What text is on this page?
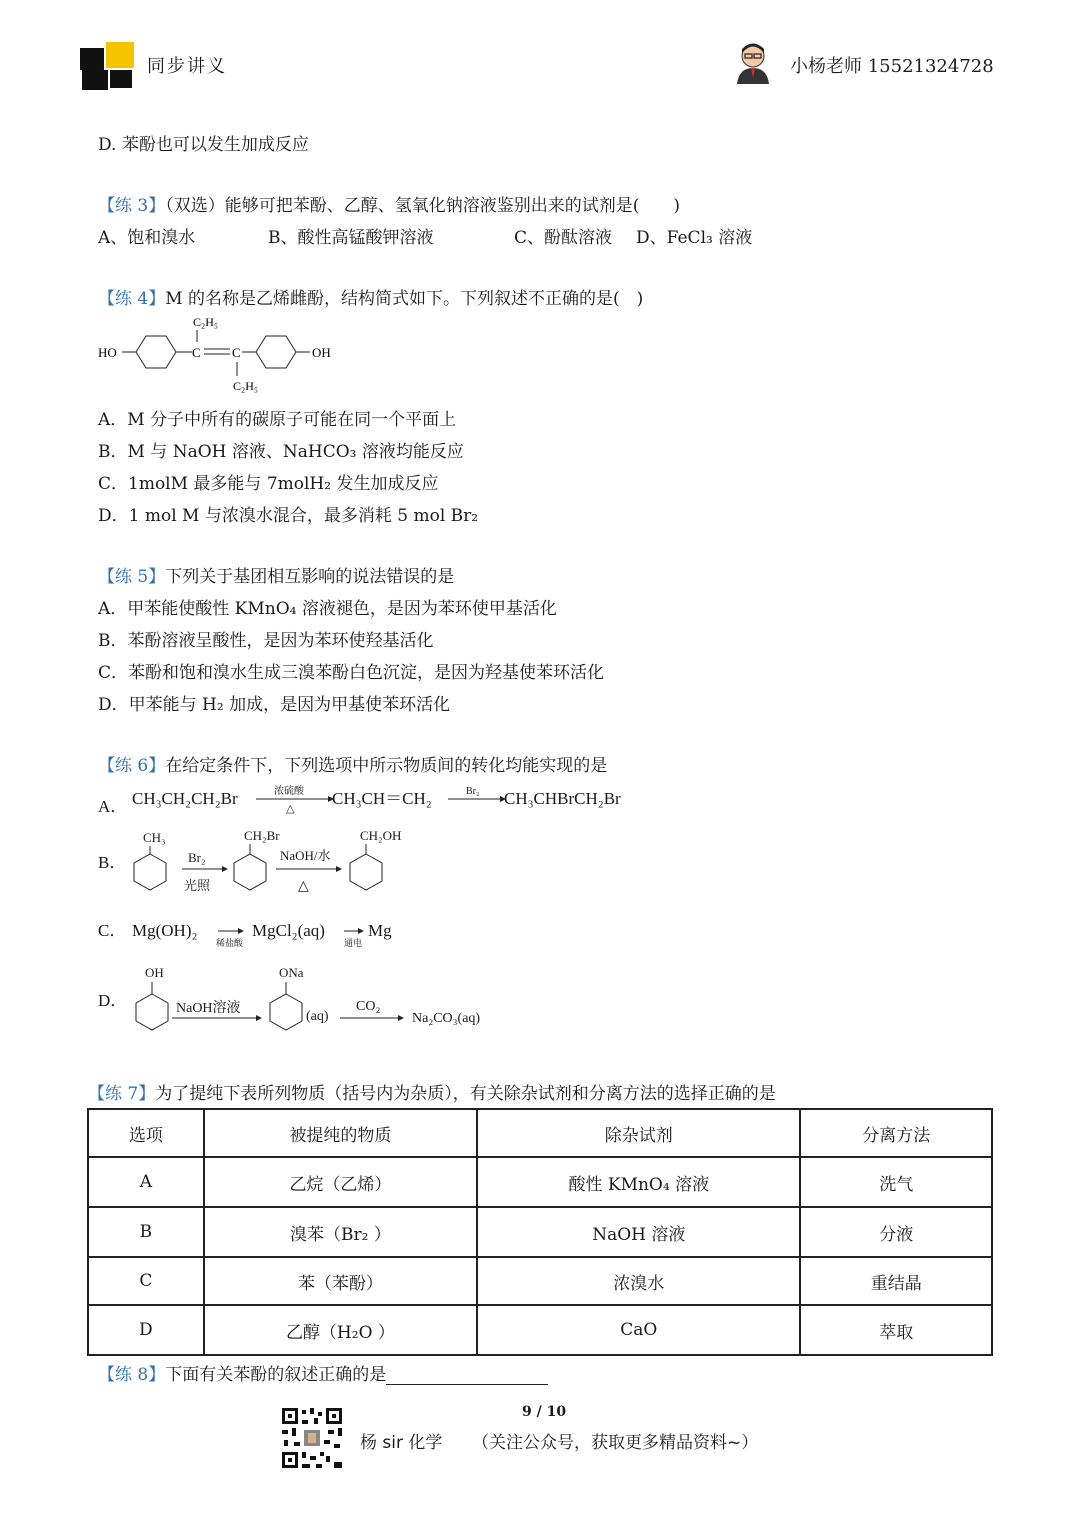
同步讲义	小杨老师 15521324728
D. 苯酚也可以发生加成反应
【练 3】（双选）能够可把苯酚、乙醇、氢氧化钠溶液鉴别出来的试剂是(　　)
A、饱和溴水	B、酸性高锰酸钾溶液	C、酚酞溶液 D、FeCl₃ 溶液
【练 4】M 的名称是乙烯雌酚，结构简式如下。下列叙述不正确的是(　)
HO	C
C₂H₅
C
C₂H₅
OH
A．M 分子中所有的碳原子可能在同一个平面上
B．M 与 NaOH 溶液、NaHCO₃ 溶液均能反应
C．1molM 最多能与 7molH₂ 发生加成反应
D．1 mol M 与浓溴水混合，最多消耗 5 mol Br₂
【练 5】下列关于基团相互影响的说法错误的是
A．甲苯能使酸性 KMnO₄ 溶液褪色，是因为苯环使甲基活化
B．苯酚溶液呈酸性，是因为苯环使羟基活化
C．苯酚和饱和溴水生成三溴苯酚白色沉淀，是因为羟基使苯环活化
D．甲苯能与 H₂ 加成，是因为甲基使苯环活化
【练 6】在给定条件下，下列选项中所示物质间的转化均能实现的是
A． CH₃CH₂CH₂Br	浓硫酸
△
CH₃CH＝CH₂	Br₂ CH₃CHBrCH₂Br
B．
CH₃
Br₂
光照
CH₂Br
NaOH/水
△
CH₂OH
C． Mg(OH)₂
稀盐酸
MgCl₂(aq)
通电
Mg
D．
OH
NaOH溶液
ONa
(aq)
CO₂
Na₂CO₃(aq)
【练 7】为了提纯下表所列物质（括号内为杂质），有关除杂试剂和分离方法的选择正确的是
选项	被提纯的物质	除杂试剂	分离方法
A	乙烷（乙烯）	酸性 KMnO₄ 溶液	洗气
B	溴苯（Br₂ ）	NaOH 溶液	分液
C	苯（苯酚）	浓溴水	重结晶
D	乙醇（H₂O ）	CaO	萃取
【练 8】下面有关苯酚的叙述正确的是
9 / 10
杨 sir 化学 （关注公众号，获取更多精品资料~）
